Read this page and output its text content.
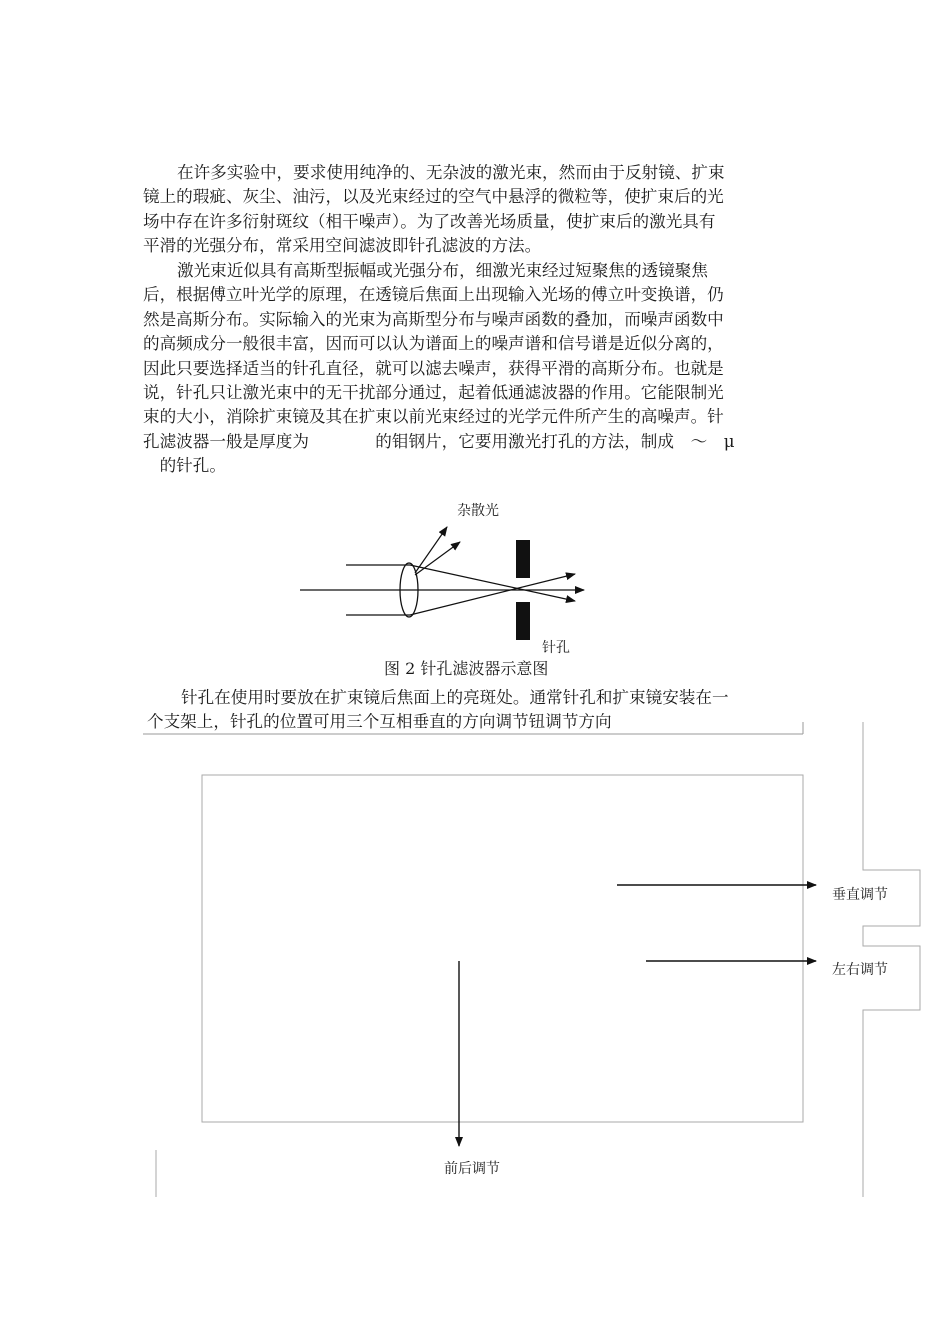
在许多实验中，要求使用纯净的、无杂波的激光束，然而由于反射镜、扩束
镜上的瑕疵、灰尘、油污，以及光束经过的空气中悬浮的微粒等，使扩束后的光
场中存在许多衍射斑纹（相干噪声）。为了改善光场质量，使扩束后的激光具有
平滑的光强分布，常采用空间滤波即针孔滤波的方法。
激光束近似具有高斯型振幅或光强分布，细激光束经过短聚焦的透镜聚焦
后，根据傅立叶光学的原理，在透镜后焦面上出现输入光场的傅立叶变换谱，仍
然是高斯分布。实际输入的光束为高斯型分布与噪声函数的叠加，而噪声函数中
的高频成分一般很丰富，因而可以认为谱面上的噪声谱和信号谱是近似分离的，
因此只要选择适当的针孔直径，就可以滤去噪声，获得平滑的高斯分布。也就是
说，针孔只让激光束中的无干扰部分通过，起着低通滤波器的作用。它能限制光
束的大小，消除扩束镜及其在扩束以前光束经过的光学元件所产生的高噪声。针
孔滤波器一般是厚度为　　　　的钼钢片，它要用激光打孔的方法，制成　～　μ
　的针孔。
杂散光
针孔
图 2 针孔滤波器示意图
针孔在使用时要放在扩束镜后焦面上的亮斑处。通常针孔和扩束镜安装在一
个支架上，针孔的位置可用三个互相垂直的方向调节钮调节方向
垂直调节
左右调节
前后调节
